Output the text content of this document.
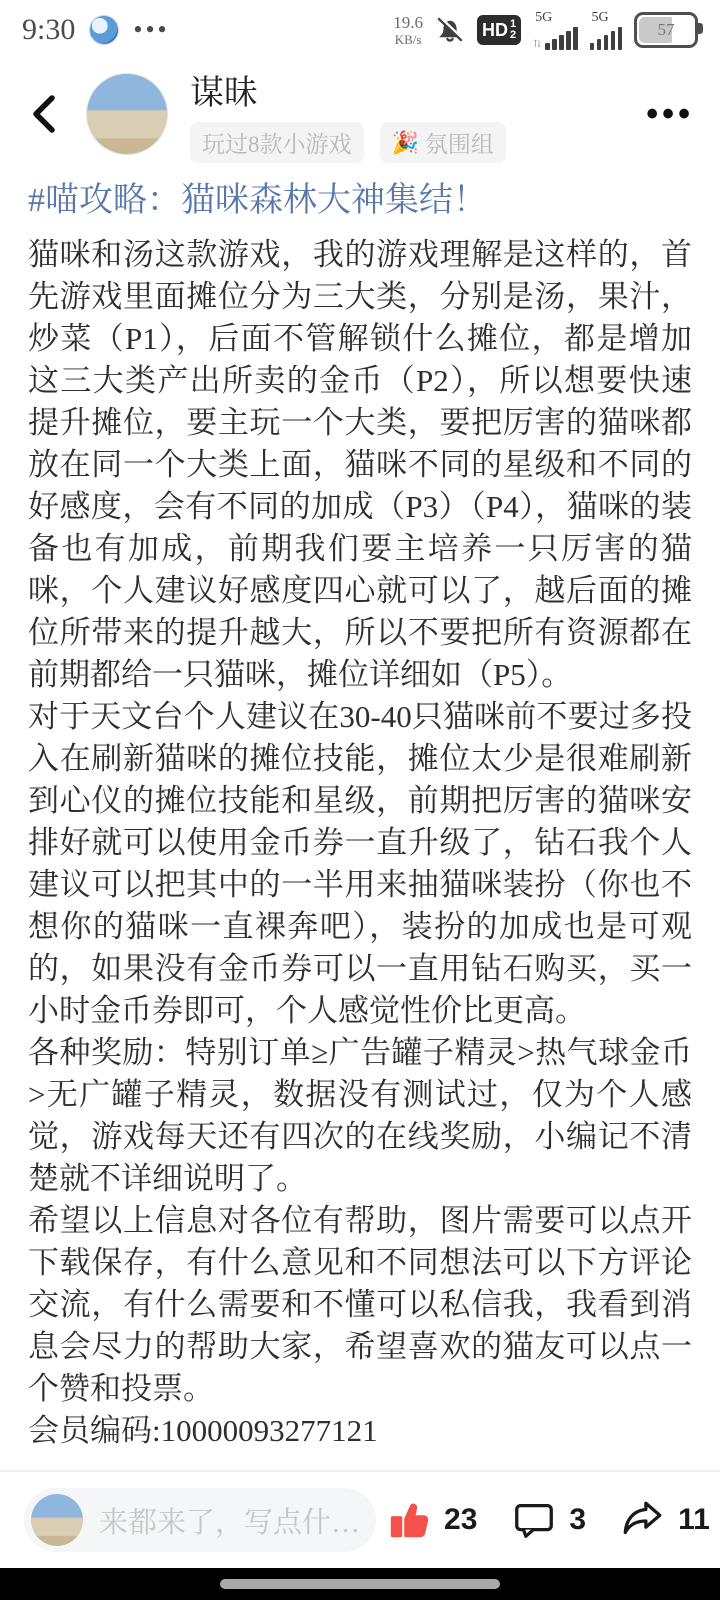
9:30 •••	19.6
KB/s	HD 1
2
5G
⇅
5G
57
谋昧
玩过8款小游戏 🎉 氛围组
•••
#喵攻略：猫咪森林大神集结！

猫咪和汤这款游戏，我的游戏理解是这样的，首先游戏里面摊位分为三大类，分别是汤，果汁，炒菜（P1），后面不管解锁什么摊位，都是增加这三大类产出所卖的金币（P2），所以想要快速提升摊位，要主玩一个大类，要把厉害的猫咪都放在同一个大类上面，猫咪不同的星级和不同的好感度，会有不同的加成（P3）（P4），猫咪的装备也有加成，前期我们要主培养一只厉害的猫咪，个人建议好感度四心就可以了，越后面的摊位所带来的提升越大，所以不要把所有资源都在前期都给一只猫咪，摊位详细如（P5）。

对于天文台个人建议在30-40只猫咪前不要过多投入在刷新猫咪的摊位技能，摊位太少是很难刷新到心仪的摊位技能和星级，前期把厉害的猫咪安排好就可以使用金币券一直升级了，钻石我个人建议可以把其中的一半用来抽猫咪装扮（你也不想你的猫咪一直裸奔吧），装扮的加成也是可观的，如果没有金币券可以一直用钻石购买，买一小时金币券即可，个人感觉性价比更高。

各种奖励：特别订单≥广告罐子精灵>热气球金币>无广罐子精灵，数据没有测试过，仅为个人感觉，游戏每天还有四次的在线奖励，小编记不清楚就不详细说明了。

希望以上信息对各位有帮助，图片需要可以点开下载保存，有什么意见和不同想法可以下方评论交流，有什么需要和不懂可以私信我，我看到消息会尽力的帮助大家，希望喜欢的猫友可以点一个赞和投票。

会员编码:10000093277121
来都来了，写点什…	23	3	11
